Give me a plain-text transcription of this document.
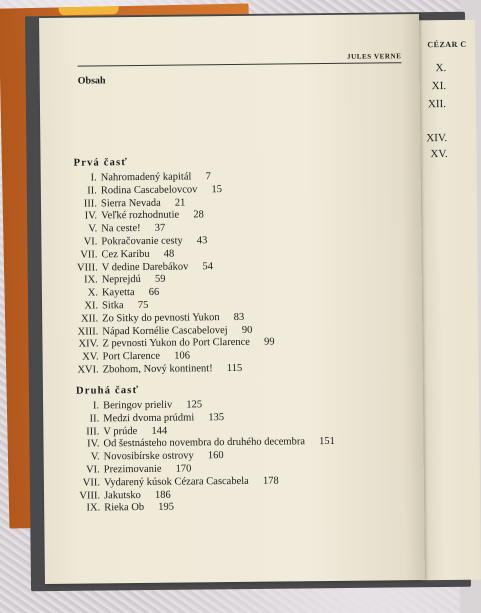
CÉZAR C
X.
XI.
XII.
XIV.
XV.
JULES VERNE
Obsah
Prvá časť
I. Nahromadený kapitál 7
II. Rodina Cascabelovcov 15
III. Sierra Nevada 21
IV. Veľké rozhodnutie 28
V. Na ceste! 37
VI. Pokračovanie cesty 43
VII. Cez Karibu 48
VIII. V dedine Darebákov 54
IX. Neprejdú 59
X. Kayetta 66
XI. Sitka 75
XII. Zo Sitky do pevnosti Yukon 83
XIII. Nápad Kornélie Cascabelovej 90
XIV. Z pevnosti Yukon do Port Clarence 99
XV. Port Clarence 106
XVI. Zbohom, Nový kontinent! 115
Druhá časť
I. Beringov prieliv 125
II. Medzi dvoma prúdmi 135
III. V prúde 144
IV. Od šestnásteho novembra do druhého decembra 151
V. Novosibírske ostrovy 160
VI. Prezimovanie 170
VII. Vydarený kúsok Cézara Cascabela 178
VIII. Jakutsko 186
IX. Rieka Ob 195
